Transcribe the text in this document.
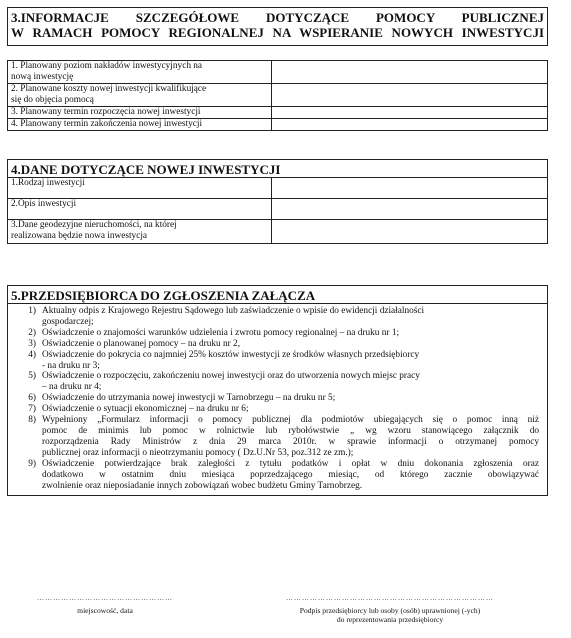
3.INFORMACJE SZCZEGÓŁOWE DOTYCZĄCE POMOCY PUBLICZNEJ
W RAMACH POMOCY REGIONALNEJ NA WSPIERANIE NOWYCH INWESTYCJI	

1. Planowany poziom nakładów inwestycyjnych na
nową inwestycję	

2. Planowane koszty nowej inwestycji kwalifikujące
się do objęcia pomocą	

3. Planowany termin rozpoczęcia nowej inwestycji	

4. Planowany termin zakończenia nowej inwestycji	

4.DANE DOTYCZĄCE NOWEJ INWESTYCJI	

1.Rodzaj inwestycji	

2.Opis inwestycji	

3.Dane geodezyjne nieruchomości, na której
realizowana będzie nowa inwestycja	

5.PRZEDSIĘBIORCA DO ZGŁOSZENIA ZAŁĄCZA

1) Aktualny odpis z Krajowego Rejestru Sądowego lub zaświadczenie o wpisie do ewidencji działalności
gospodarczej;
2) Oświadczenie o znajomości warunków udzielenia i zwrotu pomocy regionalnej – na druku nr 1;
3) Oświadczenie o planowanej pomocy – na druku nr 2,
4) Oświadczenie do pokrycia co najmniej 25% kosztów inwestycji ze środków własnych przedsiębiorcy
- na druku nr 3;
5) Oświadczenie o rozpoczęciu, zakończeniu nowej inwestycji oraz do utworzenia nowych miejsc pracy
– na druku nr 4;
6) Oświadczenie do utrzymania nowej inwestycji w Tarnobrzegu – na druku nr 5;
7) Oświadczenie o sytuacji ekonomicznej – na druku nr 6;
8) Wypełniony „Formularz informacji o pomocy publicznej dla podmiotów ubiegających się o pomoc inną niż
pomoc de minimis lub pomoc w rolnictwie lub rybołówstwie „ wg wzoru stanowiącego załącznik do
rozporządzenia Rady Ministrów z dnia 29 marca 2010r. w sprawie informacji o otrzymanej pomocy
publicznej oraz informacji o nieotrzymaniu pomocy ( Dz.U.Nr 53, poz.312 ze zm.);
9) Oświadczenie potwierdzające brak zaległości z tytułu podatków i opłat w dniu dokonania zgłoszenia oraz
dodatkowo w ostatnim dniu miesiąca poprzedzającego miesiąc, od którego zacznie obowiązywać
zwolnienie oraz nieposiadanie innych zobowiązań wobec budżetu Gminy Tarnobrzeg.
……………………………………………
miejscowość, data
……………………………………………………………………
Podpis przedsiębiorcy lub osoby (osób) uprawnionej (-ych)
do reprezentowania przedsiębiorcy
